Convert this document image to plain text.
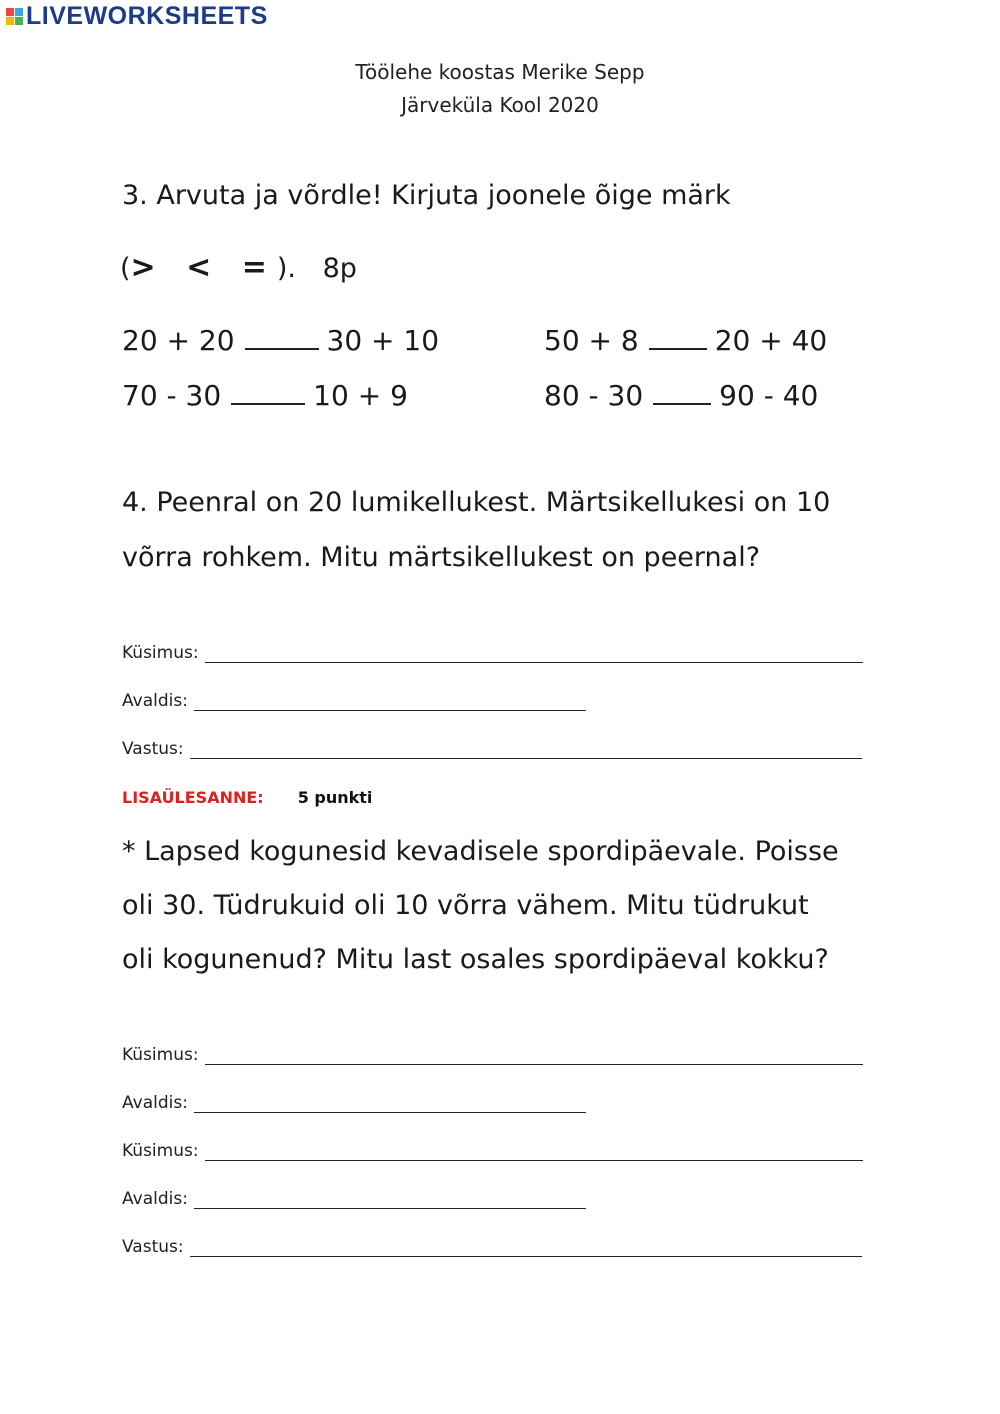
LIVEWORKSHEETS
Töölehe koostas Merike Sepp
Järveküla Kool 2020
3. Arvuta ja võrdle! Kirjuta joonele õige märk
(> < =). 8p
20 + 20	30 + 10	50 + 8	20 + 40
70 - 30	10 + 9	80 - 30	90 - 40
4. Peenral on 20 lumikellukest. Märtsikellukesi on 10
võrra rohkem. Mitu märtsikellukest on peernal?
Küsimus:
Avaldis:
Vastus:
LISAÜLESANNE: 5 punkti
* Lapsed kogunesid kevadisele spordipäevale. Poisse
oli 30. Tüdrukuid oli 10 võrra vähem. Mitu tüdrukut
oli kogunenud? Mitu last osales spordipäeval kokku?
Küsimus:
Avaldis:
Küsimus:
Avaldis:
Vastus:
